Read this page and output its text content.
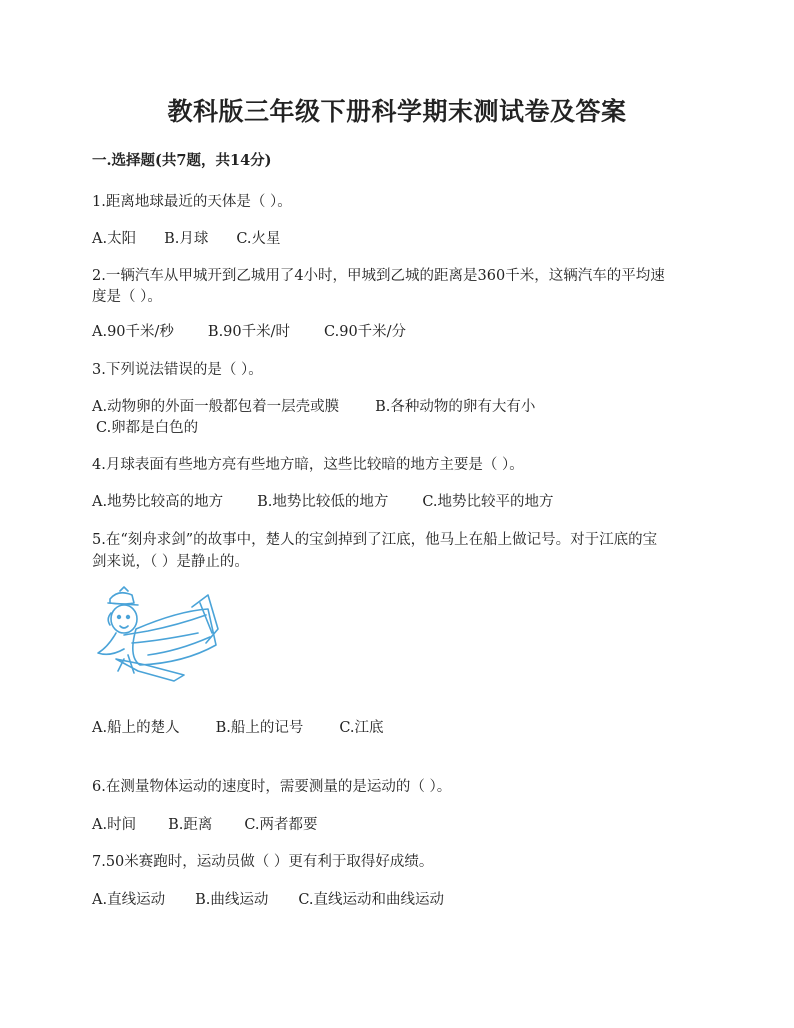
教科版三年级下册科学期末测试卷及答案
一.选择题(共7题，共14分)
1.距离地球最近的天体是（ ）。
A.太阳 B.月球 C.火星
2.一辆汽车从甲城开到乙城用了4小时，甲城到乙城的距离是360千米，这辆汽车的平均速
度是（ ）。
A.90千米/秒 B.90千米/时 C.90千米/分
3.下列说法错误的是（ ）。
A.动物卵的外面一般都包着一层壳或膜 B.各种动物的卵有大有小
C.卵都是白色的
4.月球表面有些地方亮有些地方暗，这些比较暗的地方主要是（ ）。
A.地势比较高的地方 B.地势比较低的地方 C.地势比较平的地方
5.在“刻舟求剑”的故事中，楚人的宝剑掉到了江底，他马上在船上做记号。对于江底的宝
剑来说，（ ）是静止的。
A.船上的楚人 B.船上的记号 C.江底
6.在测量物体运动的速度时，需要测量的是运动的（ ）。
A.时间 B.距离 C.两者都要
7.50米赛跑时，运动员做（ ）更有利于取得好成绩。
A.直线运动 B.曲线运动 C.直线运动和曲线运动
